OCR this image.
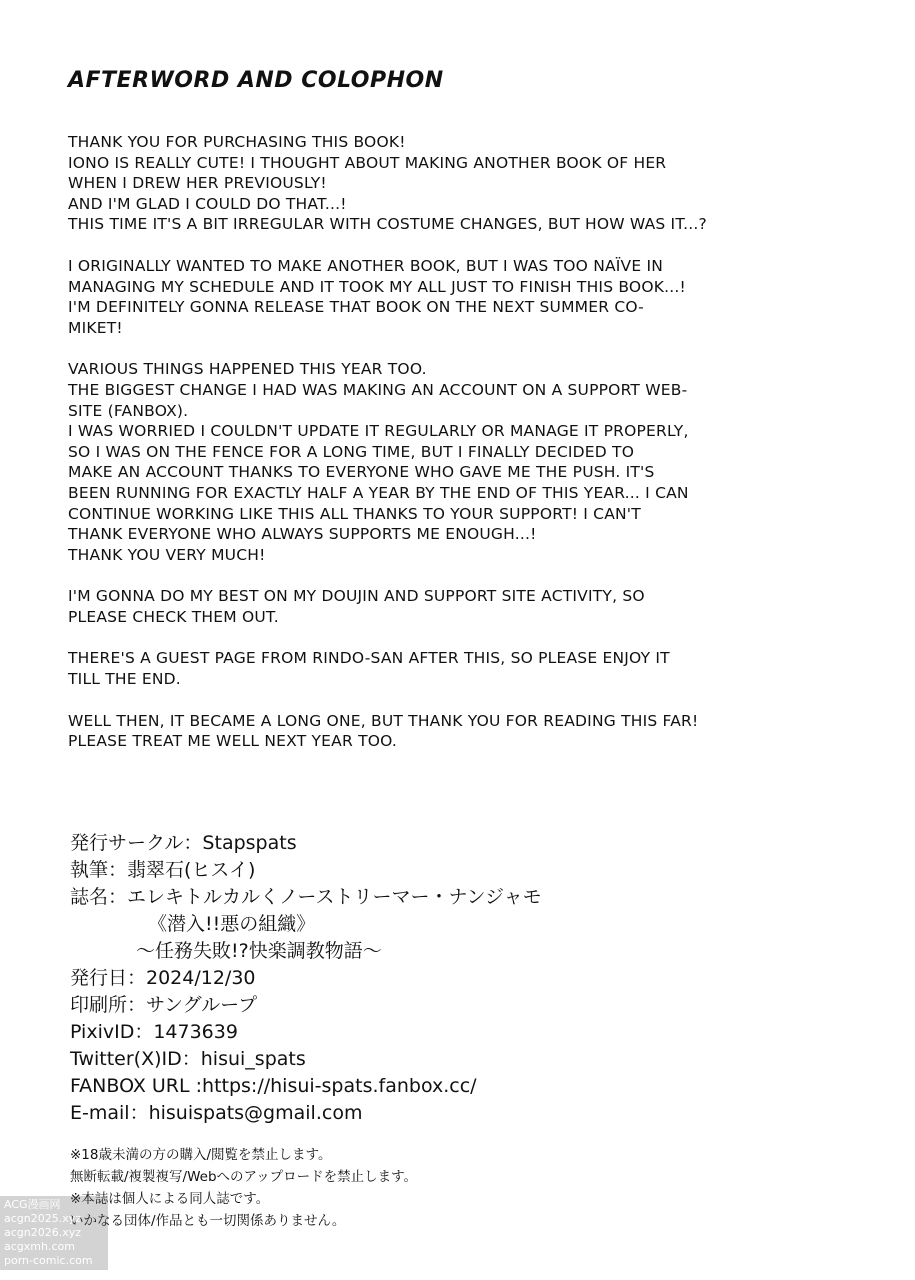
AFTERWORD AND COLOPHON
THANK YOU FOR PURCHASING THIS BOOK!
IONO IS REALLY CUTE! I THOUGHT ABOUT MAKING ANOTHER BOOK OF HER
WHEN I DREW HER PREVIOUSLY!
AND I'M GLAD I COULD DO THAT...!
THIS TIME IT'S A BIT IRREGULAR WITH COSTUME CHANGES, BUT HOW WAS IT...?
I ORIGINALLY WANTED TO MAKE ANOTHER BOOK, BUT I WAS TOO NAÏVE IN
MANAGING MY SCHEDULE AND IT TOOK MY ALL JUST TO FINISH THIS BOOK...!
I'M DEFINITELY GONNA RELEASE THAT BOOK ON THE NEXT SUMMER CO-
MIKET!
VARIOUS THINGS HAPPENED THIS YEAR TOO.
THE BIGGEST CHANGE I HAD WAS MAKING AN ACCOUNT ON A SUPPORT WEB-
SITE (FANBOX).
I WAS WORRIED I COULDN'T UPDATE IT REGULARLY OR MANAGE IT PROPERLY,
SO I WAS ON THE FENCE FOR A LONG TIME, BUT I FINALLY DECIDED TO
MAKE AN ACCOUNT THANKS TO EVERYONE WHO GAVE ME THE PUSH. IT'S
BEEN RUNNING FOR EXACTLY HALF A YEAR BY THE END OF THIS YEAR... I CAN
CONTINUE WORKING LIKE THIS ALL THANKS TO YOUR SUPPORT! I CAN'T
THANK EVERYONE WHO ALWAYS SUPPORTS ME ENOUGH...!
THANK YOU VERY MUCH!
I'M GONNA DO MY BEST ON MY DOUJIN AND SUPPORT SITE ACTIVITY, SO
PLEASE CHECK THEM OUT.
THERE'S A GUEST PAGE FROM RINDO-SAN AFTER THIS, SO PLEASE ENJOY IT
TILL THE END.
WELL THEN, IT BECAME A LONG ONE, BUT THANK YOU FOR READING THIS FAR!
PLEASE TREAT ME WELL NEXT YEAR TOO.
発行サークル：Stapspats
執筆：翡翠石(ヒスイ)
誌名：エレキトルカルくノーストリーマー・ナンジャモ
《潜入!!悪の組織》
〜任務失敗!?快楽調教物語〜
発行日：2024/12/30
印刷所：サングループ
PixivID：1473639
Twitter(X)ID：hisui_spats
FANBOX URL :https://hisui-spats.fanbox.cc/
E-mail：hisuispats@gmail.com
※18歳未満の方の購入/閲覧を禁止します。
無断転載/複製複写/Webへのアップロードを禁止します。
※本誌は個人による同人誌です。
いかなる団体/作品とも一切関係ありません。
ACG漫画网
acgn2025.xyz
acgn2026.xyz
acgxmh.com
porn-comic.com
